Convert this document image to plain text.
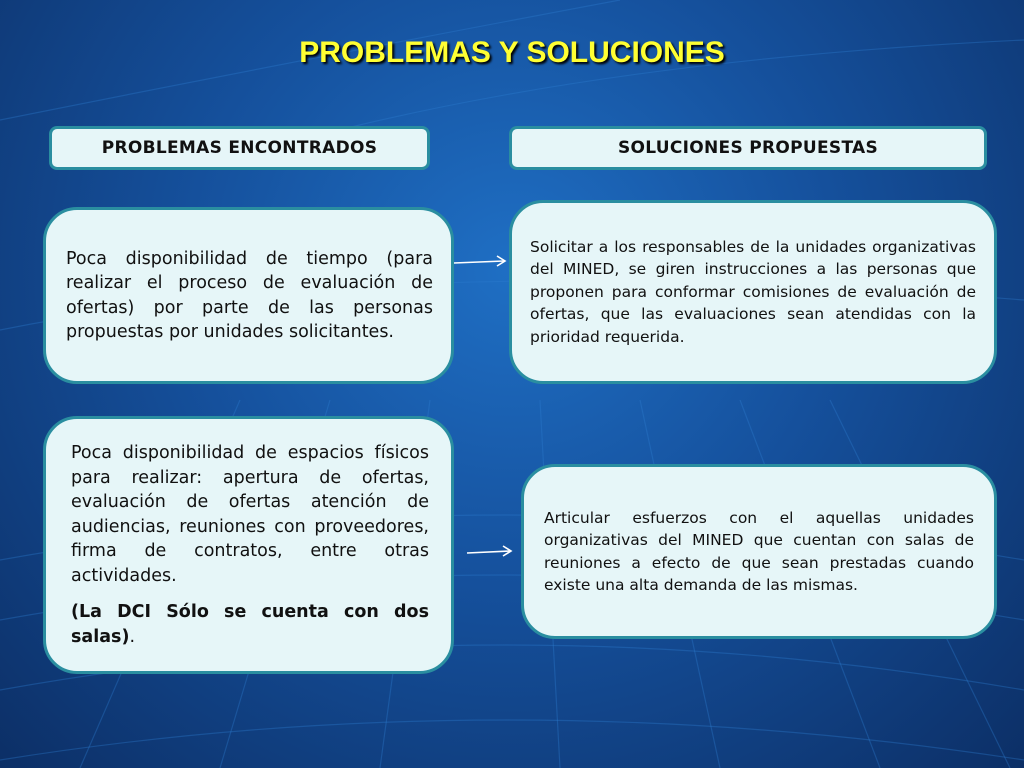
PROBLEMAS Y SOLUCIONES
PROBLEMAS ENCONTRADOS	SOLUCIONES PROPUESTAS

Poca disponibilidad de tiempo (para realizar el proceso de evaluación de ofertas) por parte de las personas propuestas por unidades solicitantes.

Solicitar a los responsables de la unidades organizativas del MINED, se giren instrucciones a las personas que proponen para conformar comisiones de evaluación de ofertas, que las evaluaciones sean atendidas con la prioridad requerida.

Poca disponibilidad de espacios físicos para realizar: apertura de ofertas, evaluación de ofertas atención de audiencias, reuniones con proveedores, firma de contratos, entre otras actividades.

(La DCI Sólo se cuenta con dos salas).

Articular esfuerzos con el aquellas unidades organizativas del MINED que cuentan con salas de reuniones a efecto de que sean prestadas cuando existe una alta demanda de las mismas.
